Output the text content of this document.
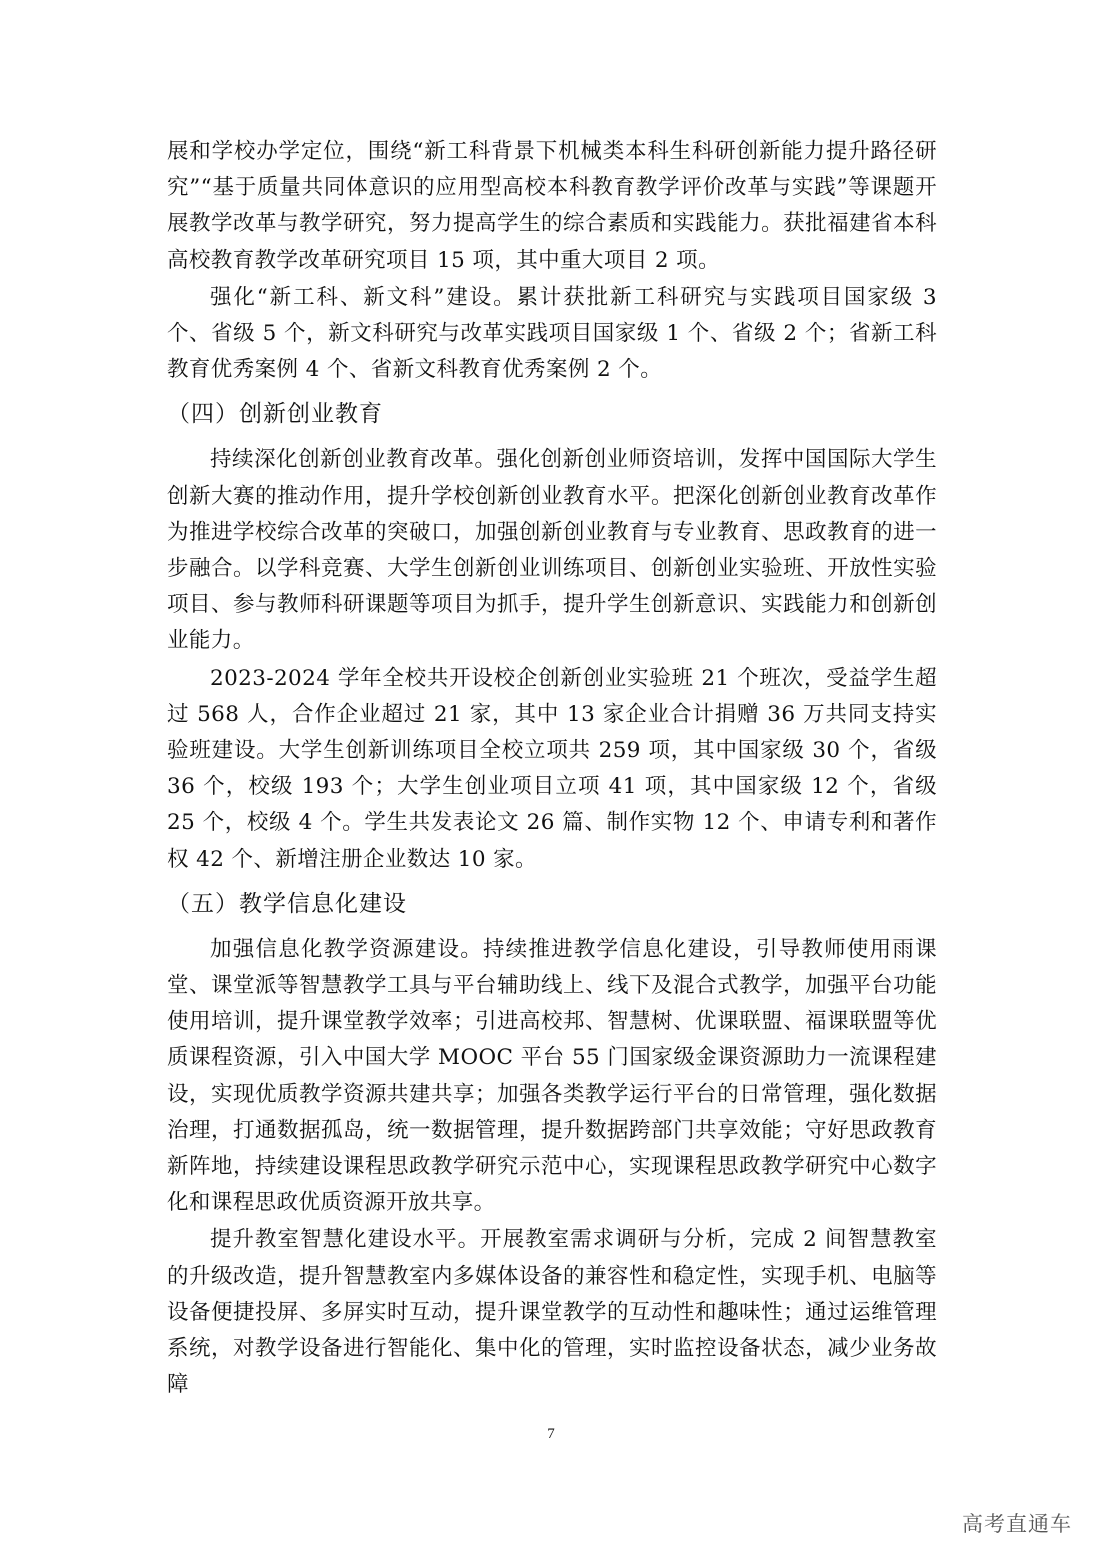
展和学校办学定位，围绕“新工科背景下机械类本科生科研创新能力提升路径研究”“基于质量共同体意识的应用型高校本科教育教学评价改革与实践”等课题开展教学改革与教学研究，努力提高学生的综合素质和实践能力。获批福建省本科高校教育教学改革研究项目 15 项，其中重大项目 2 项。

强化“新工科、新文科”建设。累计获批新工科研究与实践项目国家级 3 个、省级 5 个，新文科研究与改革实践项目国家级 1 个、省级 2 个；省新工科教育优秀案例 4 个、省新文科教育优秀案例 2 个。

（四）创新创业教育

持续深化创新创业教育改革。强化创新创业师资培训，发挥中国国际大学生创新大赛的推动作用，提升学校创新创业教育水平。把深化创新创业教育改革作为推进学校综合改革的突破口，加强创新创业教育与专业教育、思政教育的进一步融合。以学科竞赛、大学生创新创业训练项目、创新创业实验班、开放性实验项目、参与教师科研课题等项目为抓手，提升学生创新意识、实践能力和创新创业能力。

2023-2024 学年全校共开设校企创新创业实验班 21 个班次，受益学生超过 568 人，合作企业超过 21 家，其中 13 家企业合计捐赠 36 万共同支持实验班建设。大学生创新训练项目全校立项共 259 项，其中国家级 30 个，省级 36 个，校级 193 个；大学生创业项目立项 41 项，其中国家级 12 个，省级 25 个，校级 4 个。学生共发表论文 26 篇、制作实物 12 个、申请专利和著作权 42 个、新增注册企业数达 10 家。

（五）教学信息化建设

加强信息化教学资源建设。持续推进教学信息化建设，引导教师使用雨课堂、课堂派等智慧教学工具与平台辅助线上、线下及混合式教学，加强平台功能使用培训，提升课堂教学效率；引进高校邦、智慧树、优课联盟、福课联盟等优质课程资源，引入中国大学 MOOC 平台 55 门国家级金课资源助力一流课程建设，实现优质教学资源共建共享；加强各类教学运行平台的日常管理，强化数据治理，打通数据孤岛，统一数据管理，提升数据跨部门共享效能；守好思政教育新阵地，持续建设课程思政教学研究示范中心，实现课程思政教学研究中心数字化和课程思政优质资源开放共享。

提升教室智慧化建设水平。开展教室需求调研与分析，完成 2 间智慧教室的升级改造，提升智慧教室内多媒体设备的兼容性和稳定性，实现手机、电脑等设备便捷投屏、多屏实时互动，提升课堂教学的互动性和趣味性；通过运维管理系统，对教学设备进行智能化、集中化的管理，实时监控设备状态，减少业务故障

7
高考直通车
